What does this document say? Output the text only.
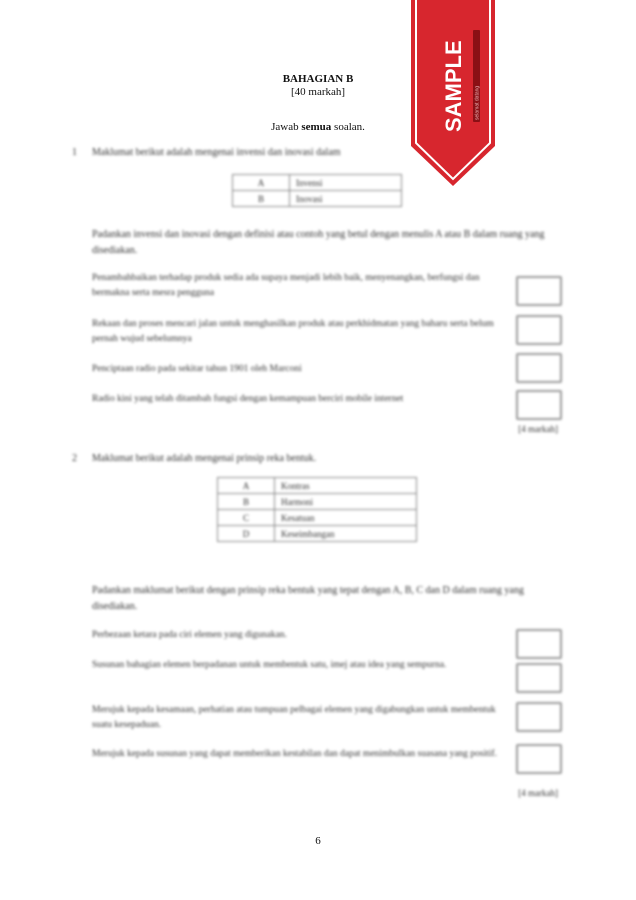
BAHAGIAN B
[40 markah]
Jawab semua soalan.
1 Maklumat berikut adalah mengenai invensi dan inovasi dalam
A	Invensi
B	Inovasi
Padankan invensi dan inovasi dengan definisi atau contoh yang betul dengan menulis A atau B dalam ruang yang disediakan.
Penambahbaikan terhadap produk sedia ada supaya menjadi lebih baik, menyenangkan, berfungsi dan bermakna serta mesra pengguna
Rekaan dan proses mencari jalan untuk menghasilkan produk atau perkhidmatan yang baharu serta belum pernah wujud sebelumnya
Penciptaan radio pada sekitar tahun 1901 oleh Marconi
Radio kini yang telah ditambah fungsi dengan kemampuan berciri mobile internet
[4 markah]
2 Maklumat berikut adalah mengenai prinsip reka bentuk.
A	Kontras
B	Harmoni
C	Kesatuan
D	Keseimbangan
Padankan maklumat berikut dengan prinsip reka bentuk yang tepat dengan A, B, C dan D dalam ruang yang disediakan.
Perbezaan ketara pada ciri elemen yang digunakan.
Susunan bahagian elemen berpadanan untuk membentuk satu, imej atau idea yang sempurna.
Merujuk kepada kesamaan, perhatian atau tumpuan pelbagai elemen yang digabungkan untuk membentuk suatu kesepaduan.
Merujuk kepada susunan yang dapat memberikan kestabilan dan dapat menimbulkan suasana yang positif.
[4 markah]
6
SAMPLE selamat datang
